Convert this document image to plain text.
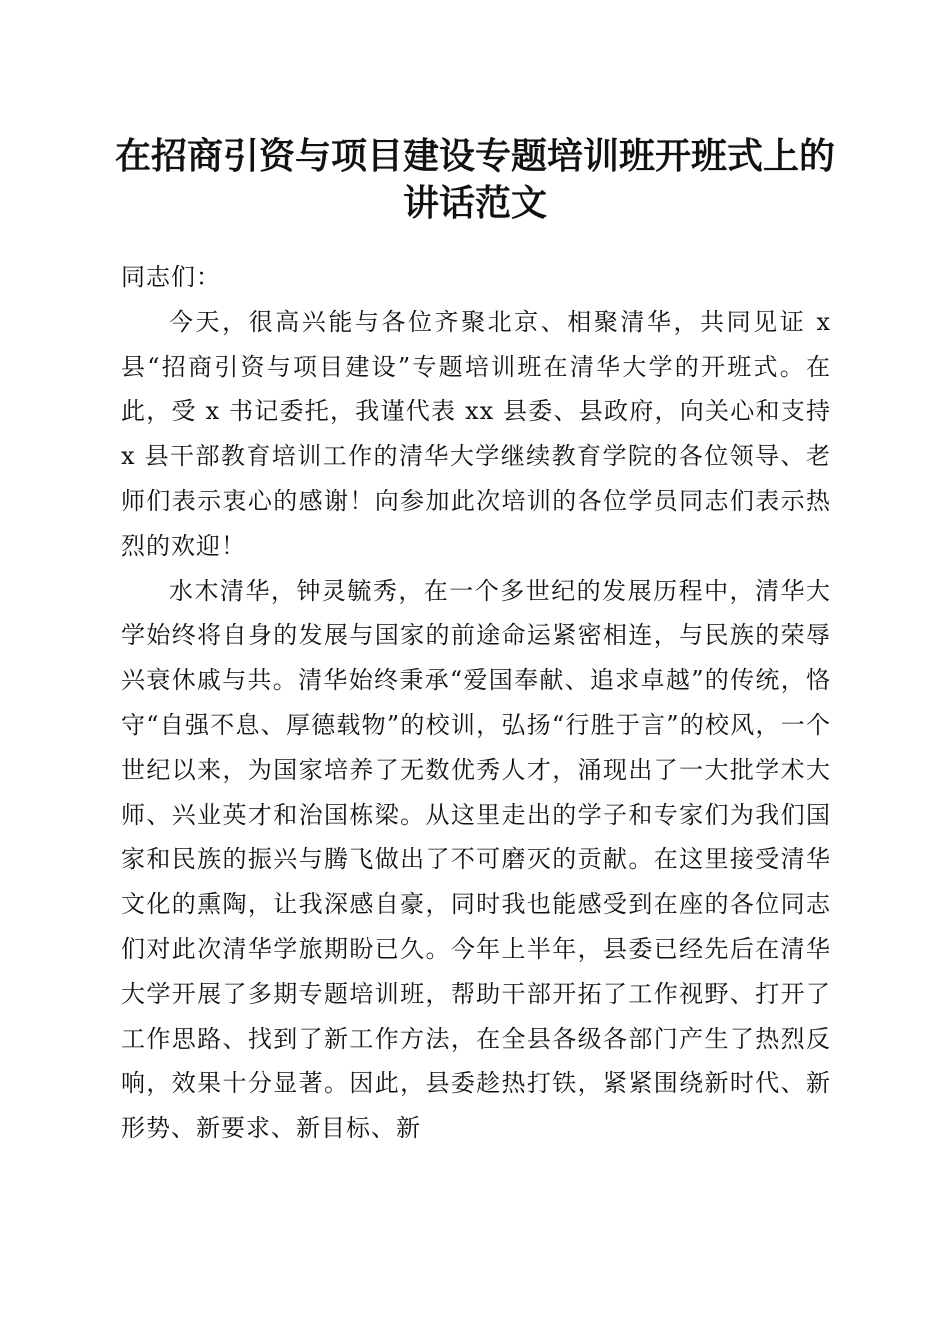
在招商引资与项目建设专题培训班开班式上的
讲话范文

同志们：

今天，很高兴能与各位齐聚北京、相聚清华，共同见证 x 县“招商引资与项目建设”专题培训班在清华大学的开班式。在此，受 x 书记委托，我谨代表 xx 县委、县政府，向关心和支持 x 县干部教育培训工作的清华大学继续教育学院的各位领导、老师们表示衷心的感谢！向参加此次培训的各位学员同志们表示热烈的欢迎！

水木清华，钟灵毓秀，在一个多世纪的发展历程中，清华大学始终将自身的发展与国家的前途命运紧密相连，与民族的荣辱兴衰休戚与共。清华始终秉承“爱国奉献、追求卓越”的传统，恪守“自强不息、厚德载物”的校训，弘扬“行胜于言”的校风，一个世纪以来，为国家培养了无数优秀人才，涌现出了一大批学术大师、兴业英才和治国栋梁。从这里走出的学子和专家们为我们国家和民族的振兴与腾飞做出了不可磨灭的贡献。在这里接受清华文化的熏陶，让我深感自豪，同时我也能感受到在座的各位同志们对此次清华学旅期盼已久。今年上半年，县委已经先后在清华大学开展了多期专题培训班，帮助干部开拓了工作视野、打开了工作思路、找到了新工作方法，在全县各级各部门产生了热烈反响，效果十分显著。因此，县委趁热打铁，紧紧围绕新时代、新形势、新要求、新目标、新
